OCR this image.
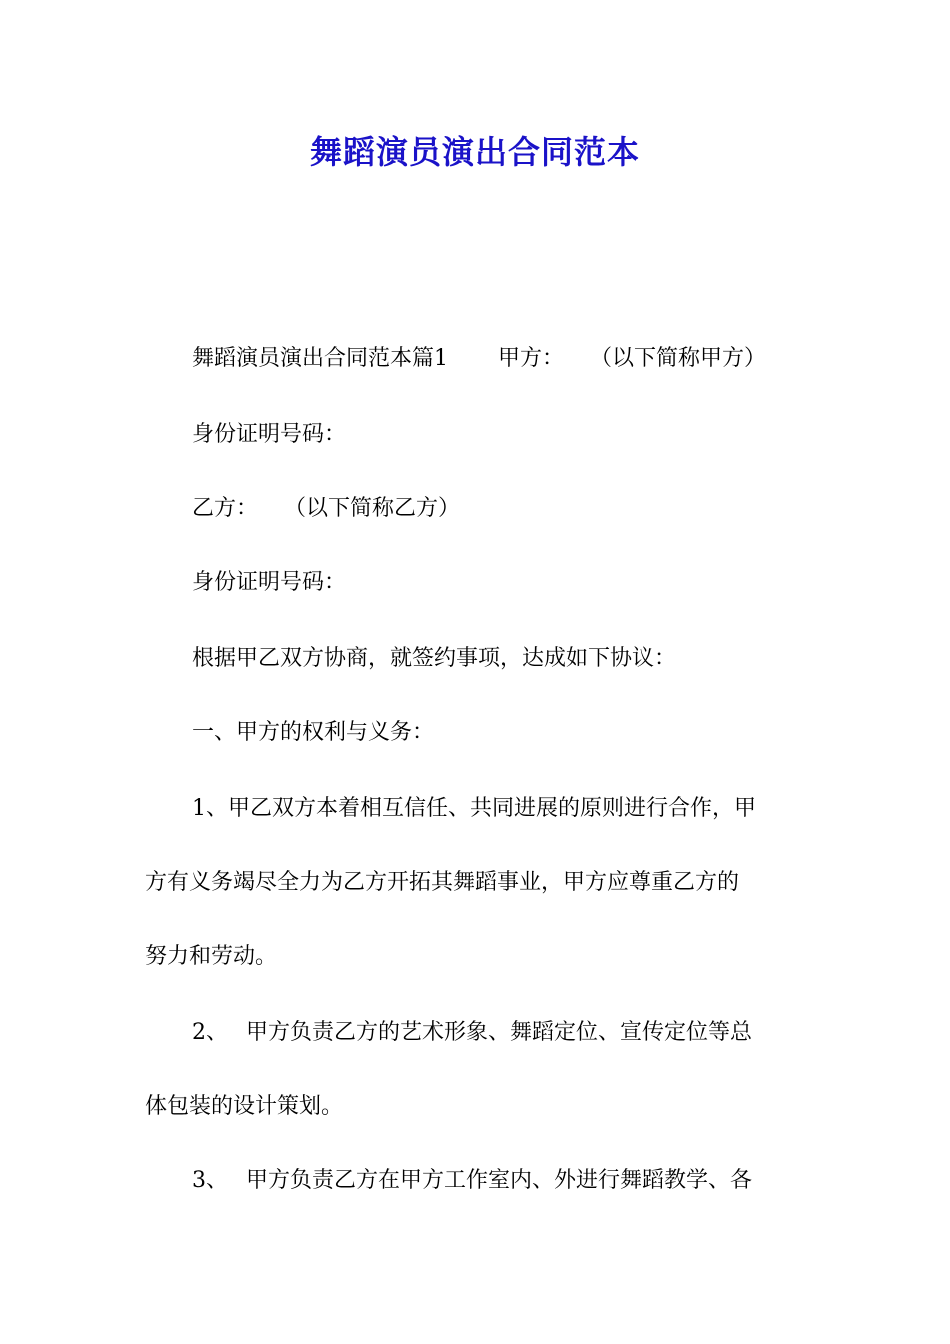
舞蹈演员演出合同范本
舞蹈演员演出合同范本篇1 甲方： （以下简称甲方）
身份证明号码：
乙方： （以下简称乙方）
身份证明号码：
根据甲乙双方协商，就签约事项，达成如下协议：
一、甲方的权利与义务：
1、甲乙双方本着相互信任、共同进展的原则进行合作，甲
方有义务竭尽全力为乙方开拓其舞蹈事业，甲方应尊重乙方的
努力和劳动。
2、 甲方负责乙方的艺术形象、舞蹈定位、宣传定位等总
体包装的设计策划。
3、 甲方负责乙方在甲方工作室内、外进行舞蹈教学、各
